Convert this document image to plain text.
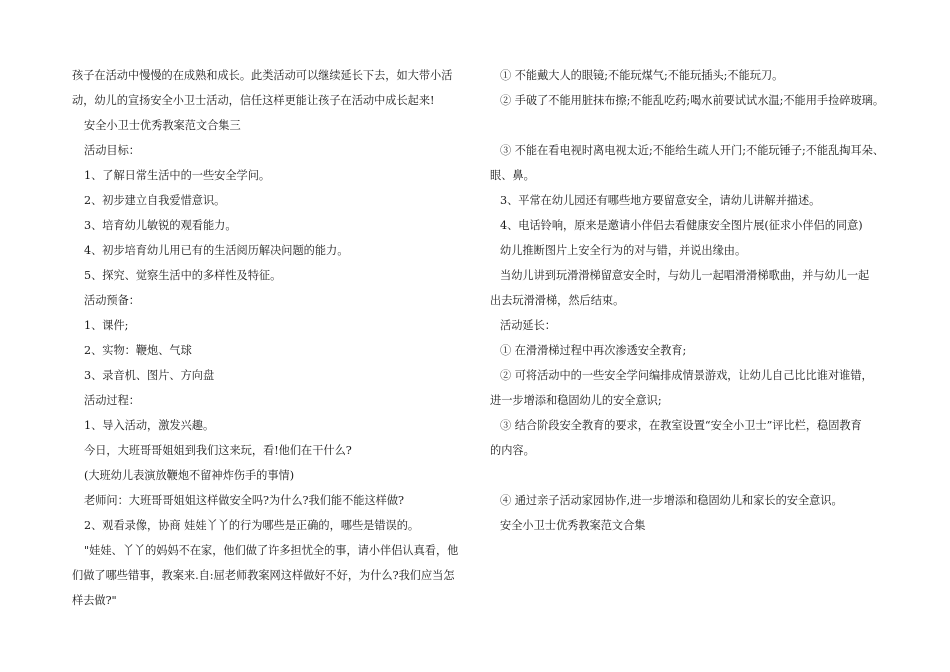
孩子在活动中慢慢的在成熟和成长。此类活动可以继续延长下去，如大带小活

动，幼儿的宣扬安全小卫士活动，信任这样更能让孩子在活动中成长起来!

安全小卫士优秀教案范文合集三

活动目标：

1、了解日常生活中的一些安全学问。

2、初步建立自我爱惜意识。

3、培育幼儿敏锐的观看能力。

4、初步培育幼儿用已有的生活阅历解决问题的能力。

5、探究、觉察生活中的多样性及特征。

活动预备：

1、课件;

2、实物：鞭炮、气球

3、录音机、图片、方向盘

活动过程：

1、导入活动，激发兴趣。

今日，大班哥哥姐姐到我们这来玩，看!他们在干什么?

(大班幼儿表演放鞭炮不留神炸伤手的事情)

老师问：大班哥哥姐姐这样做安全吗?为什么?我们能不能这样做?

2、观看录像，协商 娃娃丫丫的行为哪些是正确的，哪些是错误的。

"娃娃、丫丫的妈妈不在家，他们做了许多担忧全的事，请小伴侣认真看，他

们做了哪些错事，教案来.自:屈老师教案网这样做好不好，为什么?我们应当怎

样去做?"

① 不能戴大人的眼镜;不能玩煤气;不能玩插头;不能玩刀。

② 手破了不能用脏抹布擦;不能乱吃药;喝水前要试试水温;不能用手捡碎玻璃。

③ 不能在看电视时离电视太近;不能给生疏人开门;不能玩锤子;不能乱掏耳朵、

眼、鼻。

3、平常在幼儿园还有哪些地方要留意安全，请幼儿讲解并描述。

4、电话铃响，原来是邀请小伴侣去看健康安全图片展(征求小伴侣的同意)

幼儿推断图片上安全行为的对与错，并说出缘由。

当幼儿讲到玩滑滑梯留意安全时，与幼儿一起唱滑滑梯歌曲，并与幼儿一起

出去玩滑滑梯，然后结束。

活动延长：

① 在滑滑梯过程中再次渗透安全教育;

② 可将活动中的一些安全学问编排成情景游戏，让幼儿自己比比谁对谁错，

进一步增添和稳固幼儿的安全意识;

③ 结合阶段安全教育的要求，在教室设置“安全小卫士”评比栏，稳固教育

的内容。

④ 通过亲子活动家园协作,进一步增添和稳固幼儿和家长的安全意识。

安全小卫士优秀教案范文合集
